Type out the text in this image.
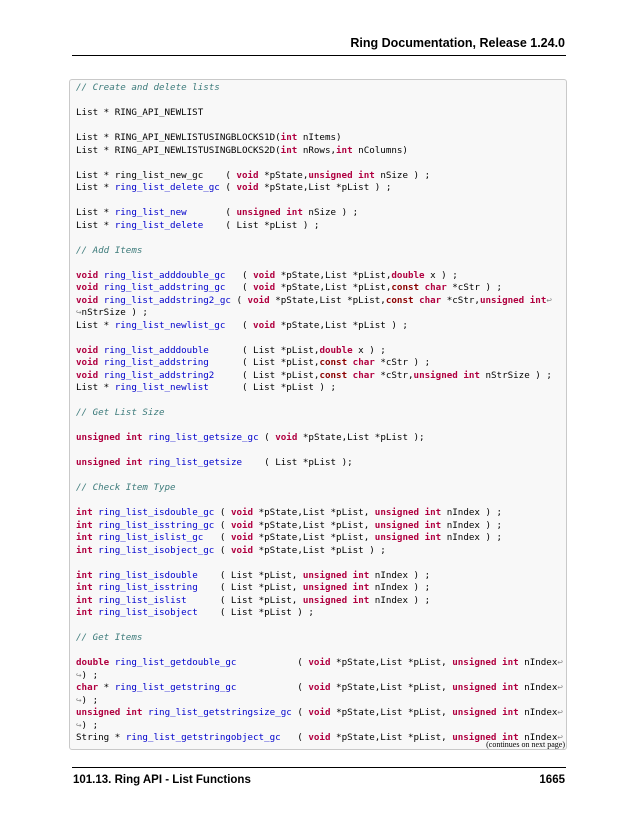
Ring Documentation, Release 1.24.0
// Create and delete lists

List * RING_API_NEWLIST

List * RING_API_NEWLISTUSINGBLOCKS1D(int nItems)
List * RING_API_NEWLISTUSINGBLOCKS2D(int nRows,int nColumns)

List * ring_list_new_gc    ( void *pState,unsigned int nSize ) ;
List * ring_list_delete_gc ( void *pState,List *pList ) ;

List * ring_list_new       ( unsigned int nSize ) ;
List * ring_list_delete    ( List *pList ) ;

// Add Items

void ring_list_adddouble_gc   ( void *pState,List *pList,double x ) ;
void ring_list_addstring_gc   ( void *pState,List *pList,const char *cStr ) ;
void ring_list_addstring2_gc ( void *pState,List *pList,const char *cStr,unsigned int↩
↪nStrSize ) ;
List * ring_list_newlist_gc   ( void *pState,List *pList ) ;

void ring_list_adddouble      ( List *pList,double x ) ;
void ring_list_addstring      ( List *pList,const char *cStr ) ;
void ring_list_addstring2     ( List *pList,const char *cStr,unsigned int nStrSize ) ;
List * ring_list_newlist      ( List *pList ) ;

// Get List Size

unsigned int ring_list_getsize_gc ( void *pState,List *pList );

unsigned int ring_list_getsize    ( List *pList );

// Check Item Type

int ring_list_isdouble_gc ( void *pState,List *pList, unsigned int nIndex ) ;
int ring_list_isstring_gc ( void *pState,List *pList, unsigned int nIndex ) ;
int ring_list_islist_gc   ( void *pState,List *pList, unsigned int nIndex ) ;
int ring_list_isobject_gc ( void *pState,List *pList ) ;

int ring_list_isdouble    ( List *pList, unsigned int nIndex ) ;
int ring_list_isstring    ( List *pList, unsigned int nIndex ) ;
int ring_list_islist      ( List *pList, unsigned int nIndex ) ;
int ring_list_isobject    ( List *pList ) ;

// Get Items

double ring_list_getdouble_gc           ( void *pState,List *pList, unsigned int nIndex↩
↪) ;
char * ring_list_getstring_gc           ( void *pState,List *pList, unsigned int nIndex↩
↪) ;
unsigned int ring_list_getstringsize_gc ( void *pState,List *pList, unsigned int nIndex↩
↪) ;
String * ring_list_getstringobject_gc   ( void *pState,List *pList, unsigned int nIndex↩
(continues on next page)
101.13. Ring API - List Functions	1665
